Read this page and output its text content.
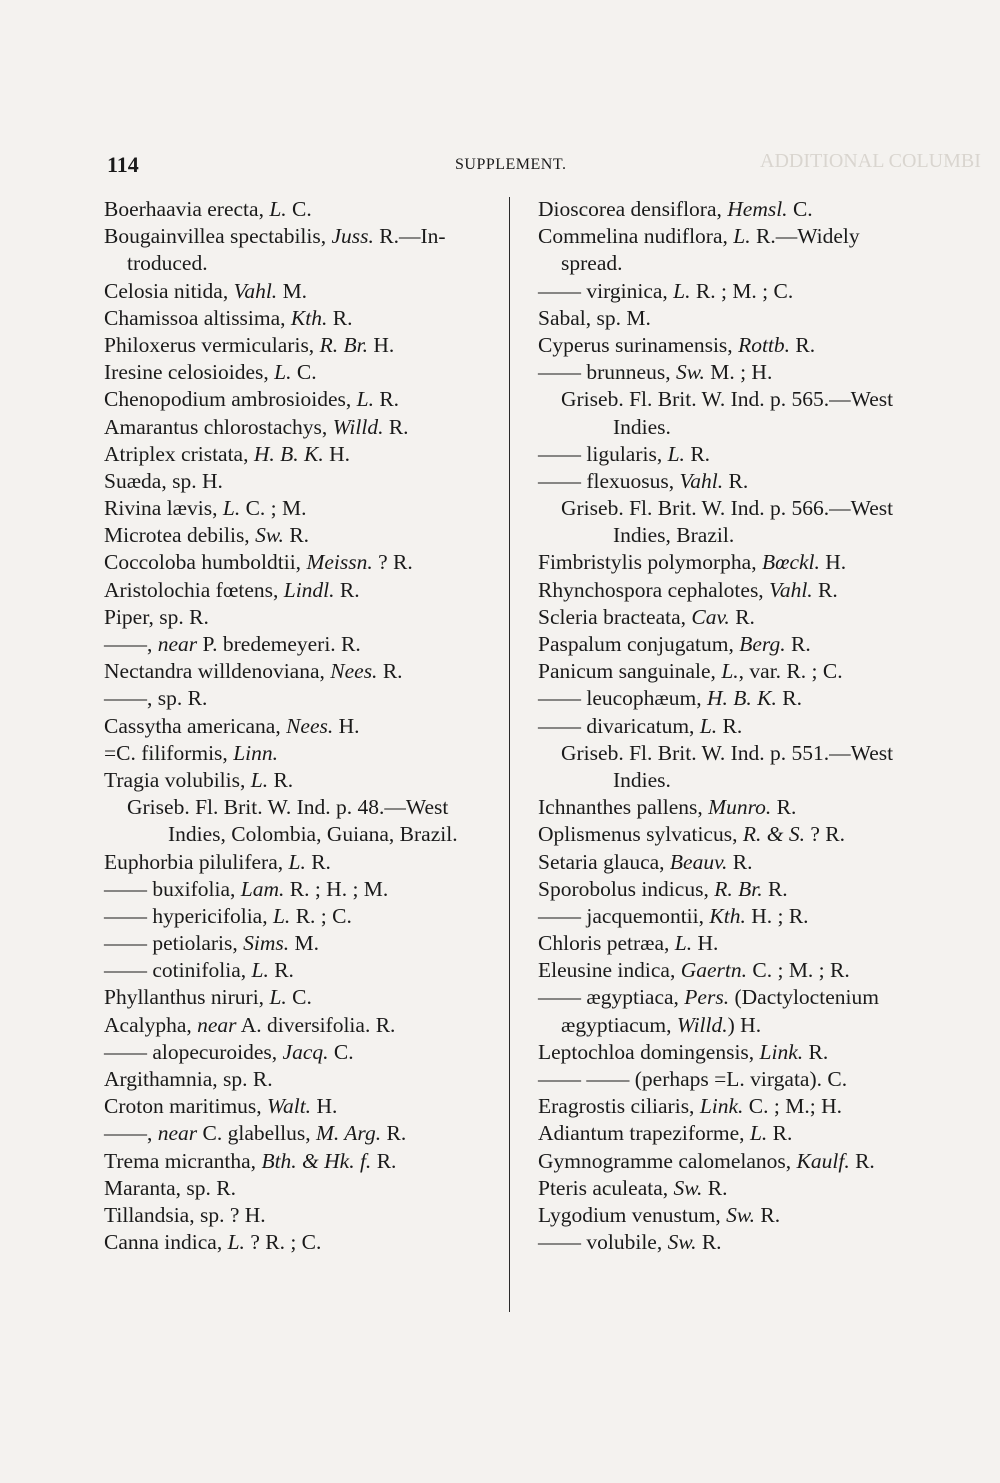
ADDITIONAL COLUMBI
114	SUPPLEMENT.
Boerhaavia erecta, L. C.
Bougainvillea spectabilis, Juss. R.—In-
troduced.
Celosia nitida, Vahl. M.
Chamissoa altissima, Kth. R.
Philoxerus vermicularis, R. Br. H.
Iresine celosioides, L. C.
Chenopodium ambrosioides, L. R.
Amarantus chlorostachys, Willd. R.
Atriplex cristata, H. B. K. H.
Suæda, sp. H.
Rivina lævis, L. C. ; M.
Microtea debilis, Sw. R.
Coccoloba humboldtii, Meissn. ? R.
Aristolochia fœtens, Lindl. R.
Piper, sp. R.
——, near P. bredemeyeri. R.
Nectandra willdenoviana, Nees. R.
——, sp. R.
Cassytha americana, Nees. H.
=C. filiformis, Linn.
Tragia volubilis, L. R.
Griseb. Fl. Brit. W. Ind. p. 48.—West
Indies, Colombia, Guiana, Brazil.
Euphorbia pilulifera, L. R.
—— buxifolia, Lam. R. ; H. ; M.
—— hypericifolia, L. R. ; C.
—— petiolaris, Sims. M.
—— cotinifolia, L. R.
Phyllanthus niruri, L. C.
Acalypha, near A. diversifolia. R.
—— alopecuroides, Jacq. C.
Argithamnia, sp. R.
Croton maritimus, Walt. H.
——, near C. glabellus, M. Arg. R.
Trema micrantha, Bth. & Hk. f. R.
Maranta, sp. R.
Tillandsia, sp. ? H.
Canna indica, L. ? R. ; C.
Dioscorea densiflora, Hemsl. C.
Commelina nudiflora, L. R.—Widely
spread.
—— virginica, L. R. ; M. ; C.
Sabal, sp. M.
Cyperus surinamensis, Rottb. R.
—— brunneus, Sw. M. ; H.
Griseb. Fl. Brit. W. Ind. p. 565.—West
Indies.
—— ligularis, L. R.
—— flexuosus, Vahl. R.
Griseb. Fl. Brit. W. Ind. p. 566.—West
Indies, Brazil.
Fimbristylis polymorpha, Bœckl. H.
Rhynchospora cephalotes, Vahl. R.
Scleria bracteata, Cav. R.
Paspalum conjugatum, Berg. R.
Panicum sanguinale, L., var. R. ; C.
—— leucophæum, H. B. K. R.
—— divaricatum, L. R.
Griseb. Fl. Brit. W. Ind. p. 551.—West
Indies.
Ichnanthes pallens, Munro. R.
Oplismenus sylvaticus, R. & S. ? R.
Setaria glauca, Beauv. R.
Sporobolus indicus, R. Br. R.
—— jacquemontii, Kth. H. ; R.
Chloris petræa, L. H.
Eleusine indica, Gaertn. C. ; M. ; R.
—— ægyptiaca, Pers. (Dactyloctenium
ægyptiacum, Willd.) H.
Leptochloa domingensis, Link. R.
—— —— (perhaps =L. virgata). C.
Eragrostis ciliaris, Link. C. ; M.; H.
Adiantum trapeziforme, L. R.
Gymnogramme calomelanos, Kaulf. R.
Pteris aculeata, Sw. R.
Lygodium venustum, Sw. R.
—— volubile, Sw. R.
